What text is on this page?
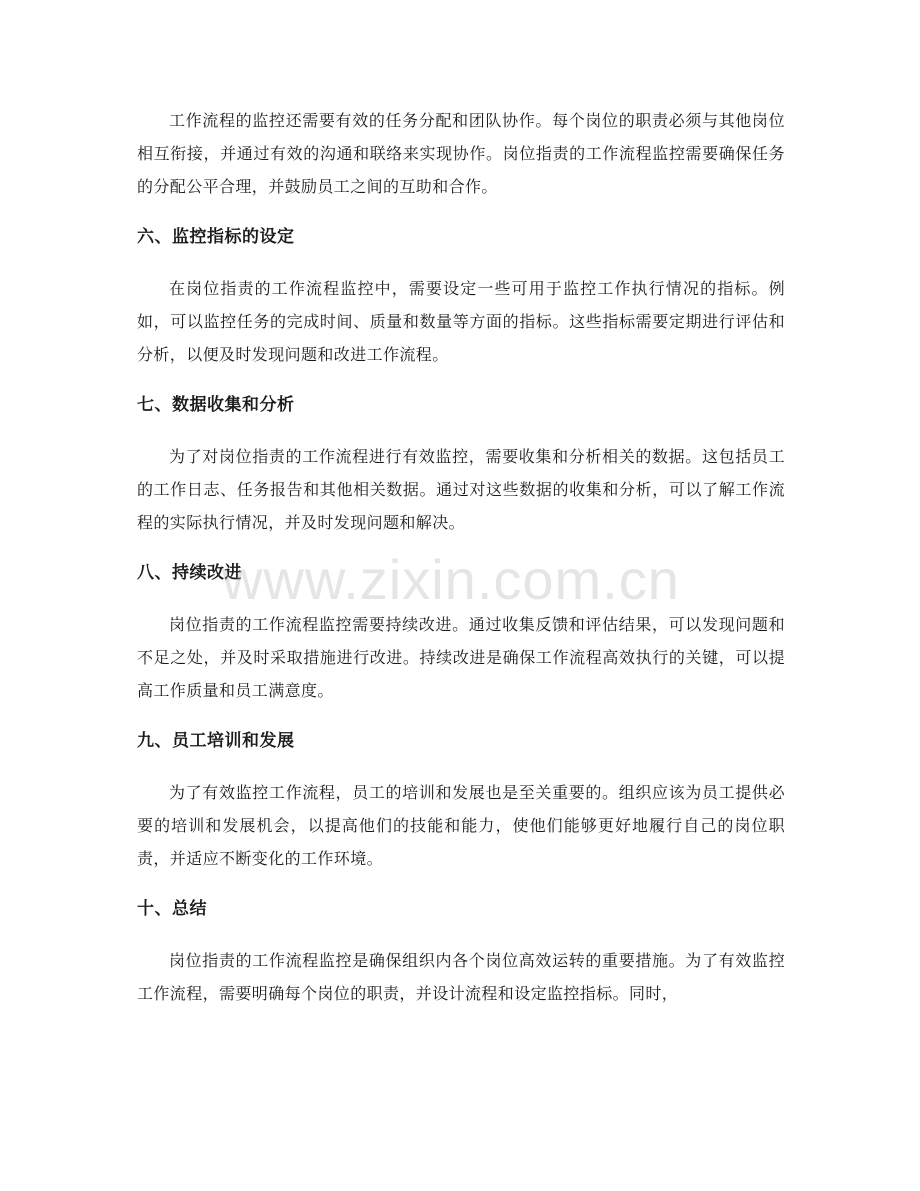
工作流程的监控还需要有效的任务分配和团队协作。每个岗位的职责必须与其他岗位相互衔接，并通过有效的沟通和联络来实现协作。岗位指责的工作流程监控需要确保任务的分配公平合理，并鼓励员工之间的互助和合作。

六、监控指标的设定

在岗位指责的工作流程监控中，需要设定一些可用于监控工作执行情况的指标。例如，可以监控任务的完成时间、质量和数量等方面的指标。这些指标需要定期进行评估和分析，以便及时发现问题和改进工作流程。

七、数据收集和分析

为了对岗位指责的工作流程进行有效监控，需要收集和分析相关的数据。这包括员工的工作日志、任务报告和其他相关数据。通过对这些数据的收集和分析，可以了解工作流程的实际执行情况，并及时发现问题和解决。

八、持续改进

岗位指责的工作流程监控需要持续改进。通过收集反馈和评估结果，可以发现问题和不足之处，并及时采取措施进行改进。持续改进是确保工作流程高效执行的关键，可以提高工作质量和员工满意度。

九、员工培训和发展

为了有效监控工作流程，员工的培训和发展也是至关重要的。组织应该为员工提供必要的培训和发展机会，以提高他们的技能和能力，使他们能够更好地履行自己的岗位职责，并适应不断变化的工作环境。

十、总结

岗位指责的工作流程监控是确保组织内各个岗位高效运转的重要措施。为了有效监控工作流程，需要明确每个岗位的职责，并设计流程和设定监控指标。同时，

www.zixin.com.cn
